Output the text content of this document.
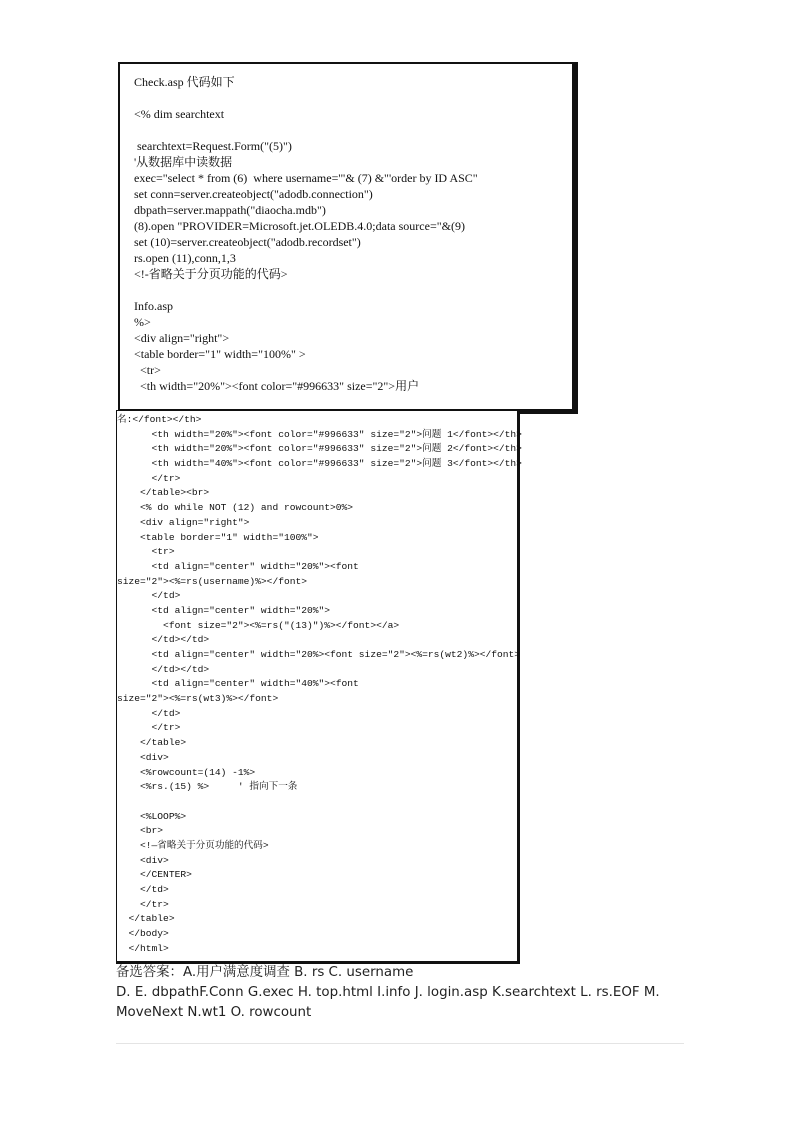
Check.asp 代码如下
<% dim searchtext
searchtext=Request.Form("(5)")
'从数据库中读数据
exec="select * from (6)  where username='"& (7) &"'order by ID ASC"
set conn=server.createobject("adodb.connection")
dbpath=server.mappath("diaocha.mdb")
(8).open "PROVIDER=Microsoft.jet.OLEDB.4.0;data source="&(9)
set (10)=server.createobject("adodb.recordset")
rs.open (11),conn,1,3
<!-省略关于分页功能的代码>
Info.asp
%>
<div align="right">
<table border="1" width="100%" >
<tr>
<th width="20%"><font color="#996633" size="2">用户
名:</font></th>
<th width="20%"><font color="#996633" size="2">问题 1</font></th>
<th width="20%"><font color="#996633" size="2">问题 2</font></th>
<th width="40%"><font color="#996633" size="2">问题 3</font></th>
</tr>
</table><br>
<% do while NOT (12) and rowcount>0%>
<div align="right">
<table border="1" width="100%">
<tr>
<td align="center" width="20%"><font
size="2"><%=rs(username)%></font>
</td>
<td align="center" width="20%">
<font size="2"><%=rs("(13)")%></font></a>
</td></td>
<td align="center" width="20%><font size="2"><%=rs(wt2)%></font>
</td></td>
<td align="center" width="40%"><font
size="2"><%=rs(wt3)%></font>
</td>
</tr>
</table>
<div>
<%rowcount=(14) -1%>
<%rs.(15) %>     ' 指向下一条
<%LOOP%>
<br>
<!—省略关于分页功能的代码>
<div>
</CENTER>
</td>
</tr>
</table>
</body>
</html>
备选答案：A.用户满意度调查 B. rs C. username
D. E. dbpathF.Conn G.exec H. top.html I.info J. login.asp K.searchtext L. rs.EOF M.
MoveNext N.wt1 O. rowcount
